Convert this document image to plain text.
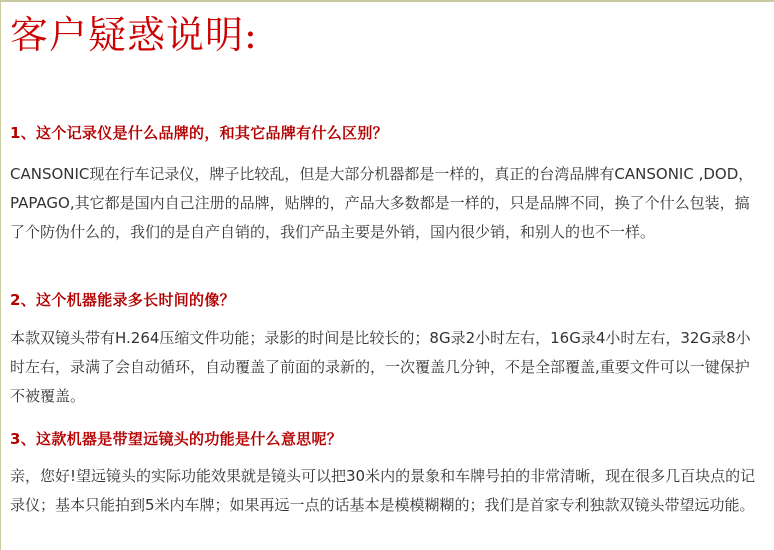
客户疑惑说明:
1、这个记录仪是什么品牌的，和其它品牌有什么区别？
CANSONIC现在行车记录仪，牌子比较乱，但是大部分机器都是一样的，真正的台湾品牌有CANSONIC ,DOD，PAPAGO,其它都是国内自己注册的品牌，贴牌的，产品大多数都是一样的，只是品牌不同，换了个什么包装，搞了个防伪什么的，我们的是自产自销的，我们产品主要是外销，国内很少销，和别人的也不一样。
2、这个机器能录多长时间的像？
本款双镜头带有H.264压缩文件功能；录影的时间是比较长的；8G录2小时左右，16G录4小时左右，32G录8小时左右，录满了会自动循环，自动覆盖了前面的录新的，一次覆盖几分钟，不是全部覆盖,重要文件可以一键保护不被覆盖。
3、这款机器是带望远镜头的功能是什么意思呢？
亲，您好!望远镜头的实际功能效果就是镜头可以把30米内的景象和车牌号拍的非常清晰，现在很多几百块点的记录仪；基本只能拍到5米内车牌；如果再远一点的话基本是模模糊糊的；我们是首家专利独款双镜头带望远功能。
